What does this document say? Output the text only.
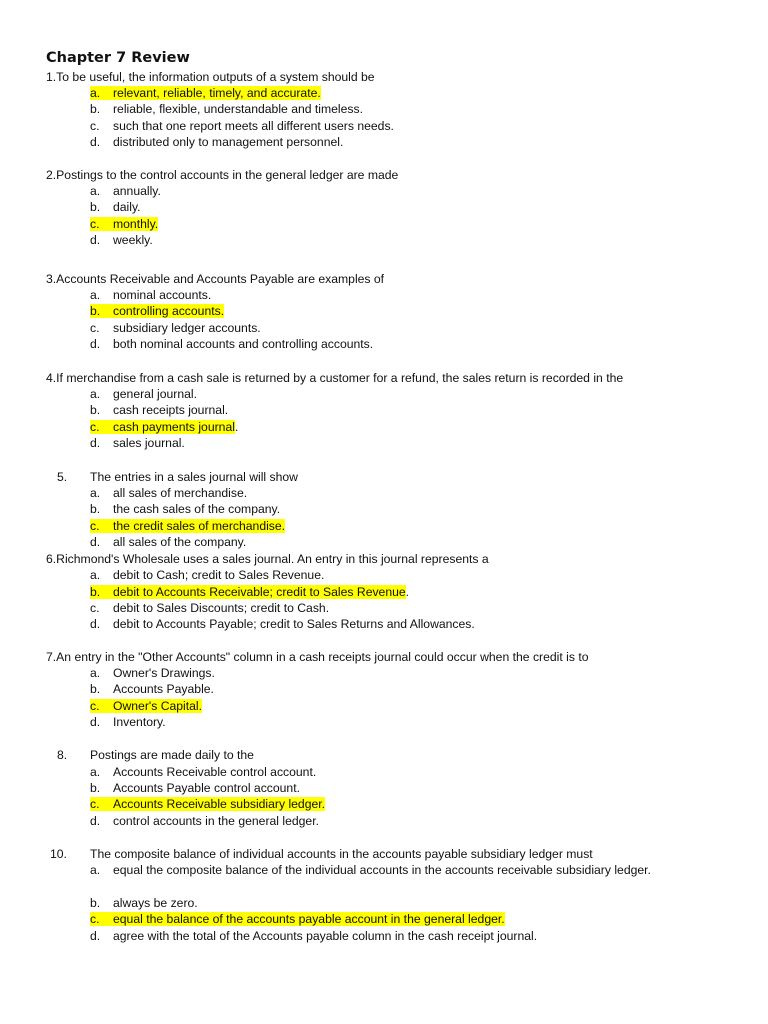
Chapter 7 Review
1.To be useful, the information outputs of a system should be
a. relevant, reliable, timely, and accurate.
b. reliable, flexible, understandable and timeless.
c. such that one report meets all different users needs.
d. distributed only to management personnel.
2.Postings to the control accounts in the general ledger are made
a. annually.
b. daily.
c. monthly.
d. weekly.
3.Accounts Receivable and Accounts Payable are examples of
a. nominal accounts.
b. controlling accounts.
c. subsidiary ledger accounts.
d. both nominal accounts and controlling accounts.
4.If merchandise from a cash sale is returned by a customer for a refund, the sales return is recorded in the
a. general journal.
b. cash receipts journal.
c. cash payments journal.
d. sales journal.
5. The entries in a sales journal will show
a. all sales of merchandise.
b. the cash sales of the company.
c. the credit sales of merchandise.
d. all sales of the company.
6.Richmond's Wholesale uses a sales journal. An entry in this journal represents a
a. debit to Cash; credit to Sales Revenue.
b. debit to Accounts Receivable; credit to Sales Revenue.
c. debit to Sales Discounts; credit to Cash.
d. debit to Accounts Payable; credit to Sales Returns and Allowances.
7.An entry in the "Other Accounts" column in a cash receipts journal could occur when the credit is to
a. Owner's Drawings.
b. Accounts Payable.
c. Owner's Capital.
d. Inventory.
8. Postings are made daily to the
a. Accounts Receivable control account.
b. Accounts Payable control account.
c. Accounts Receivable subsidiary ledger.
d. control accounts in the general ledger.
10. The composite balance of individual accounts in the accounts payable subsidiary ledger must
a.	equal the composite balance of the individual accounts in the accounts receivable subsidiary ledger.
b. always be zero.
c. equal the balance of the accounts payable account in the general ledger.
d. agree with the total of the Accounts payable column in the cash receipt journal.
